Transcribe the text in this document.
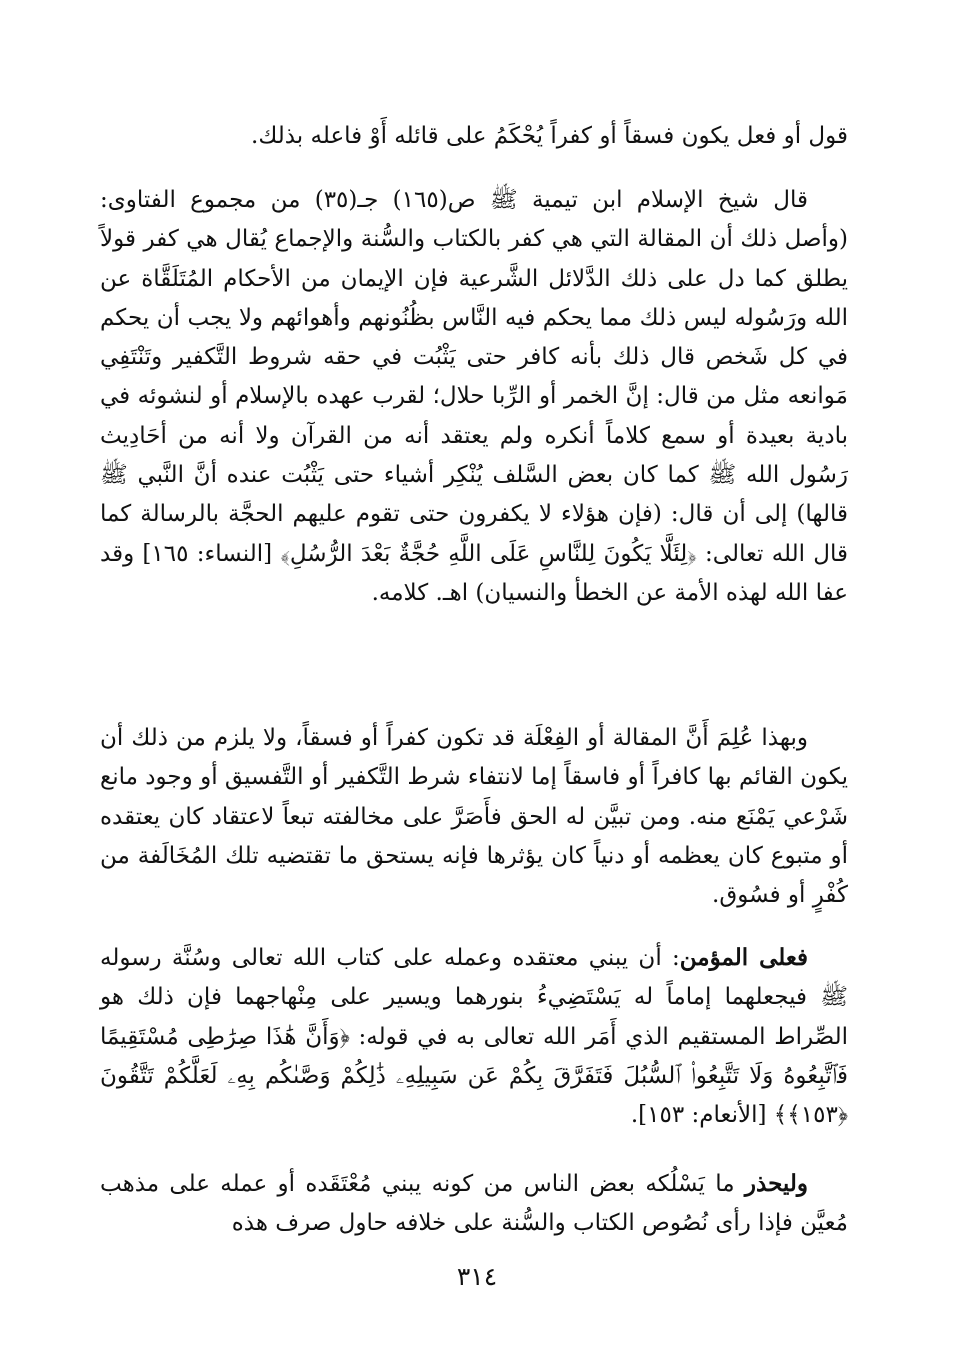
قول أو فعل يكون فسقاً أو كفراً يُحْكَمُ على قائله أَوْ فاعله بذلك.

قال شيخ الإسلام ابن تيمية ﷺ ص(١٦٥) جـ(٣٥) من مجموع الفتاوى: (وأصل ذلك أن المقالة التي هي كفر بالكتاب والسُّنة والإجماع يُقال هي كفر قولاً يطلق كما دل على ذلك الدَّلائل الشَّرعية فإن الإيمان من الأحكام المُتَلَقَّاة عن الله ورَسُوله ليس ذلك مما يحكم فيه النَّاس بظُنُونهم وأهوائهم ولا يجب أن يحكم في كل شَخص قال ذلك بأنه كافر حتى يَثْبُت في حقه شروط التَّكفير وتَنْتَفِي مَوانعه مثل من قال: إنَّ الخمر أو الرِّبا حلال؛ لقرب عهده بالإسلام أو لنشوئه في بادية بعيدة أو سمع كلاماً أنكره ولم يعتقد أنه من القرآن ولا أنه من أحَادِيث رَسُول الله ﷺ كما كان بعض السَّلف يُنْكِر أشياء حتى يَثْبُت عنده أنَّ النَّبي ﷺ قالها) إلى أن قال: (فإن هؤلاء لا يكفرون حتى تقوم عليهم الحجَّة بالرسالة كما قال الله تعالى: ﴿لِئَلَّا يَكُونَ لِلنَّاسِ عَلَى اللَّهِ حُجَّةٌ بَعْدَ الرُّسُلِ﴾ [النساء: ١٦٥] وقد عفا الله لهذه الأمة عن الخطأ والنسيان) اهـ. كلامه.

وبهذا عُلِمَ أَنَّ المقالة أو الفِعْلَة قد تكون كفراً أو فسقاً، ولا يلزم من ذلك أن يكون القائم بها كافراً أو فاسقاً إما لانتفاء شرط التَّكفير أو التَّفسيق أو وجود مانع شَرْعي يَمْنَع منه. ومن تبيَّن له الحق فأَصَرَّ على مخالفته تبعاً لاعتقاد كان يعتقده أو متبوع كان يعظمه أو دنياً كان يؤثرها فإنه يستحق ما تقتضيه تلك المُخَالَفة من كُفْرٍ أو فسُوق.

فعلى المؤمن: أن يبني معتقده وعمله على كتاب الله تعالى وسُنَّة رسوله ﷺ فيجعلهما إماماً له يَسْتَضِيءُ بنورهما ويسير على مِنْهاجهما فإن ذلك هو الصِّراط المستقيم الذي أَمَر الله تعالى به في قوله: ﴿وَأَنَّ هَٰذَا صِرَٰطِى مُسْتَقِيمًا فَٱتَّبِعُوهُ وَلَا تَتَّبِعُوا۟ ٱلسُّبُلَ فَتَفَرَّقَ بِكُمْ عَن سَبِيلِهِۦ ذَٰلِكُمْ وَصَّىٰكُم بِهِۦ لَعَلَّكُمْ تَتَّقُونَ ﴿١٥٣﴾﴾ [الأنعام: ١٥٣].

وليحذر ما يَسْلُكه بعض الناس من كونه يبني مُعْتَقَده أو عمله على مذهب مُعيَّن فإذا رأى نُصُوص الكتاب والسُّنة على خلافه حاول صرف هذه

٣١٤
